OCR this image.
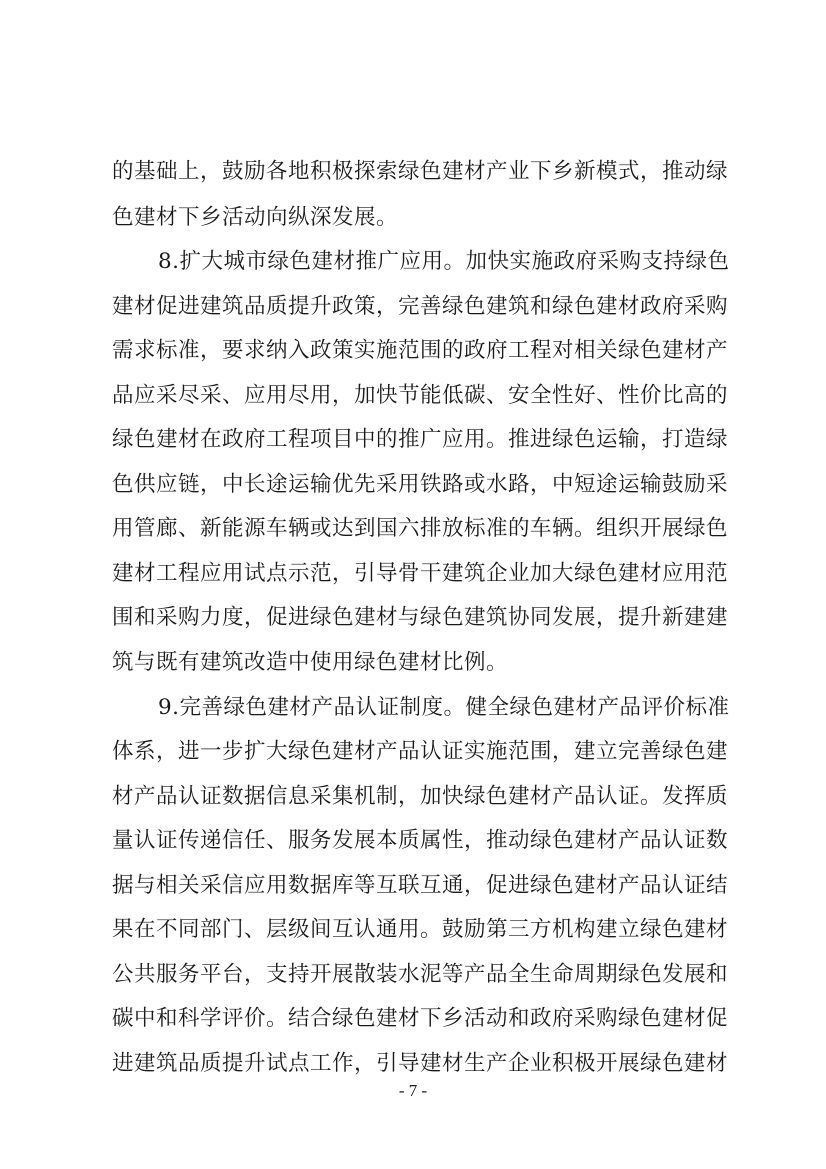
的基础上，鼓励各地积极探索绿色建材产业下乡新模式，推动绿
色建材下乡活动向纵深发展。
8.扩大城市绿色建材推广应用。加快实施政府采购支持绿色
建材促进建筑品质提升政策，完善绿色建筑和绿色建材政府采购
需求标准，要求纳入政策实施范围的政府工程对相关绿色建材产
品应采尽采、应用尽用，加快节能低碳、安全性好、性价比高的
绿色建材在政府工程项目中的推广应用。推进绿色运输，打造绿
色供应链，中长途运输优先采用铁路或水路，中短途运输鼓励采
用管廊、新能源车辆或达到国六排放标准的车辆。组织开展绿色
建材工程应用试点示范，引导骨干建筑企业加大绿色建材应用范
围和采购力度，促进绿色建材与绿色建筑协同发展，提升新建建
筑与既有建筑改造中使用绿色建材比例。
9.完善绿色建材产品认证制度。健全绿色建材产品评价标准
体系，进一步扩大绿色建材产品认证实施范围，建立完善绿色建
材产品认证数据信息采集机制，加快绿色建材产品认证。发挥质
量认证传递信任、服务发展本质属性，推动绿色建材产品认证数
据与相关采信应用数据库等互联互通，促进绿色建材产品认证结
果在不同部门、层级间互认通用。鼓励第三方机构建立绿色建材
公共服务平台，支持开展散装水泥等产品全生命周期绿色发展和
碳中和科学评价。结合绿色建材下乡活动和政府采购绿色建材促
进建筑品质提升试点工作，引导建材生产企业积极开展绿色建材
- 7 -
